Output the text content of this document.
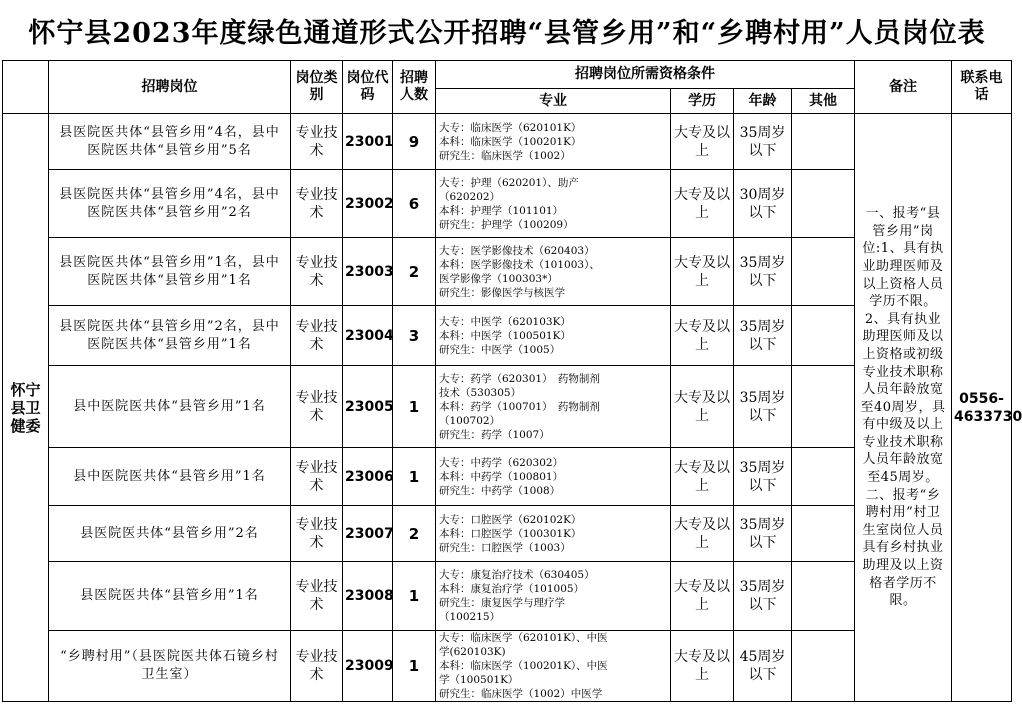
怀宁县2023年度绿色通道形式公开招聘“县管乡用”和“乡聘村用”人员岗位表
	招聘岗位	岗位类别	岗位代码	招聘人数	招聘岗位所需资格条件				备注	联系电话
					专业	学历	年龄	其他		
怀宁县卫健委	县医院医共体“县管乡用”4名，县中医院医共体“县管乡用”5名	专业技术	23001	9	大专：临床医学（620101K）
本科：临床医学（100201K）
研究生：临床医学（1002）	大专及以上	35周岁以下		一、报考“县管乡用”岗位:1、具有执业助理医师及以上资格人员学历不限。2、具有执业助理医师及以上资格或初级专业技术职称人员年龄放宽至40周岁，具有中级及以上专业技术职称人员年龄放宽至45周岁。二、报考“乡聘村用”村卫生室岗位人员具有乡村执业助理及以上资格者学历不限。	0556-4633730
	县医院医共体“县管乡用”4名，县中医院医共体“县管乡用”2名	专业技术	23002	6	大专：护理（620201）、助产
（620202）
本科：护理学（101101）
研究生：护理学（100209）	大专及以上	30周岁以下			
	县医院医共体“县管乡用”1名，县中医院医共体“县管乡用”1名	专业技术	23003	2	大专：医学影像技术（620403）
本科：医学影像技术（101003）、
医学影像学（100303*）
研究生：影像医学与核医学	大专及以上	35周岁以下			
	县医院医共体“县管乡用”2名，县中医院医共体“县管乡用”1名	专业技术	23004	3	大专：中医学（620103K）
本科：中医学（100501K）
研究生：中医学（1005）	大专及以上	35周岁以下			
	县中医院医共体“县管乡用”1名	专业技术	23005	1	大专：药学（620301）　药物制剂
技术（530305）
本科：药学（100701）　药物制剂
（100702）
研究生：药学（1007）	大专及以上	35周岁以下			
	县中医院医共体“县管乡用”1名	专业技术	23006	1	大专：中药学（620302）
本科：中药学（100801）
研究生：中药学（1008）	大专及以上	35周岁以下			
	县医院医共体“县管乡用”2名	专业技术	23007	2	大专：口腔医学（620102K）
本科：口腔医学（100301K）
研究生：口腔医学（1003）	大专及以上	35周岁以下			
	县医院医共体“县管乡用”1名	专业技术	23008	1	大专：康复治疗技术（630405）
本科：康复治疗学（101005）
研究生：康复医学与理疗学
（100215）	大专及以上	35周岁以下			
	“乡聘村用”（县医院医共体石镜乡村卫生室）	专业技术	23009	1	大专：临床医学（620101K）、中医
学(620103K)
本科：临床医学（100201K）、中医
学（100501K）
研究生：临床医学（1002）中医学	大专及以上	45周岁以下			
